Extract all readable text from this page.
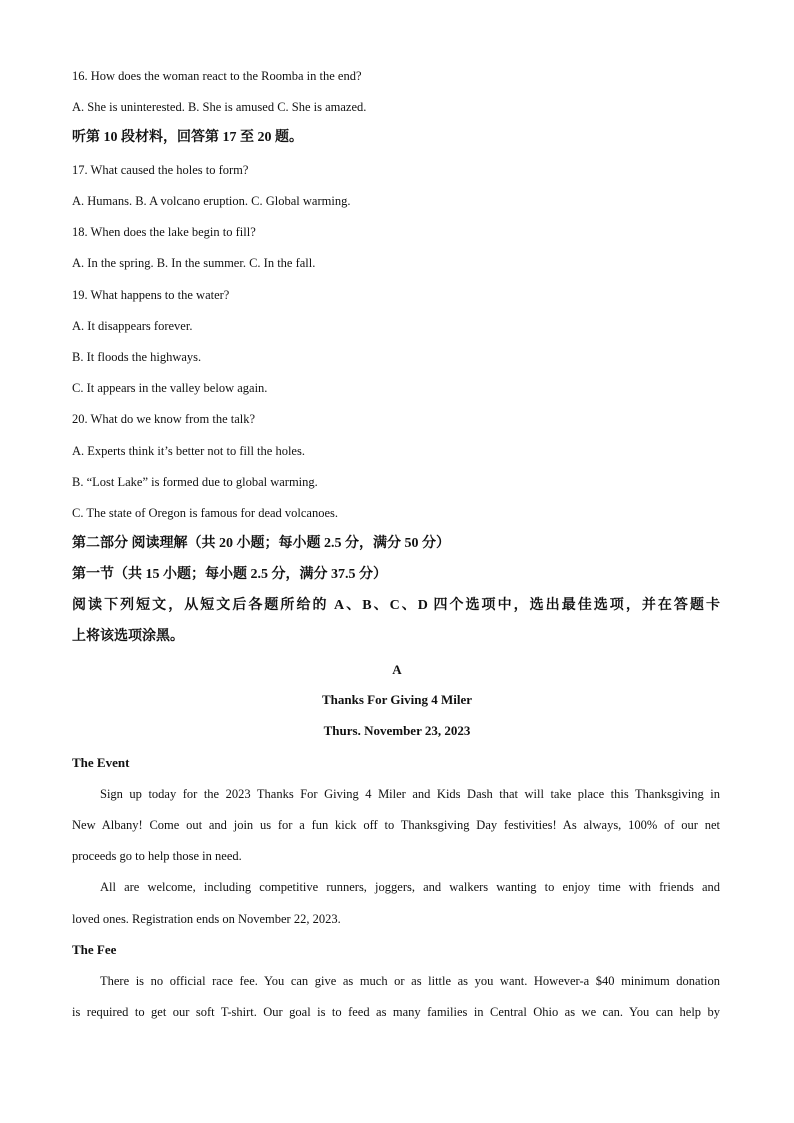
16. How does the woman react to the Roomba in the end?
A. She is uninterested. B. She is amused C. She is amazed.
听第 10 段材料，回答第 17 至 20 题。
17. What caused the holes to form?
A. Humans. B. A volcano eruption. C. Global warming.
18. When does the lake begin to fill?
A. In the spring. B. In the summer. C. In the fall.
19. What happens to the water?
A. It disappears forever.
B. It floods the highways.
C. It appears in the valley below again.
20. What do we know from the talk?
A. Experts think it’s better not to fill the holes.
B. “Lost Lake” is formed due to global warming.
C. The state of Oregon is famous for dead volcanoes.
第二部分 阅读理解（共 20 小题；每小题 2.5 分，满分 50 分）
第一节（共 15 小题；每小题 2.5 分，满分 37.5 分）
阅读下列短文，从短文后各题所给的 A、B、C、D 四个选项中，选出最佳选项，并在答题卡
上将该选项涂黑。
A
Thanks For Giving 4 Miler
Thurs. November 23, 2023
The Event
Sign up today for the 2023 Thanks For Giving 4 Miler and Kids Dash that will take place this Thanksgiving in
New Albany! Come out and join us for a fun kick off to Thanksgiving Day festivities! As always, 100% of our net
proceeds go to help those in need.
All are welcome, including competitive runners, joggers, and walkers wanting to enjoy time with friends and
loved ones. Registration ends on November 22, 2023.
The Fee
There is no official race fee. You can give as much or as little as you want. However-a $40 minimum donation
is required to get our soft T-shirt. Our goal is to feed as many families in Central Ohio as we can. You can help by
